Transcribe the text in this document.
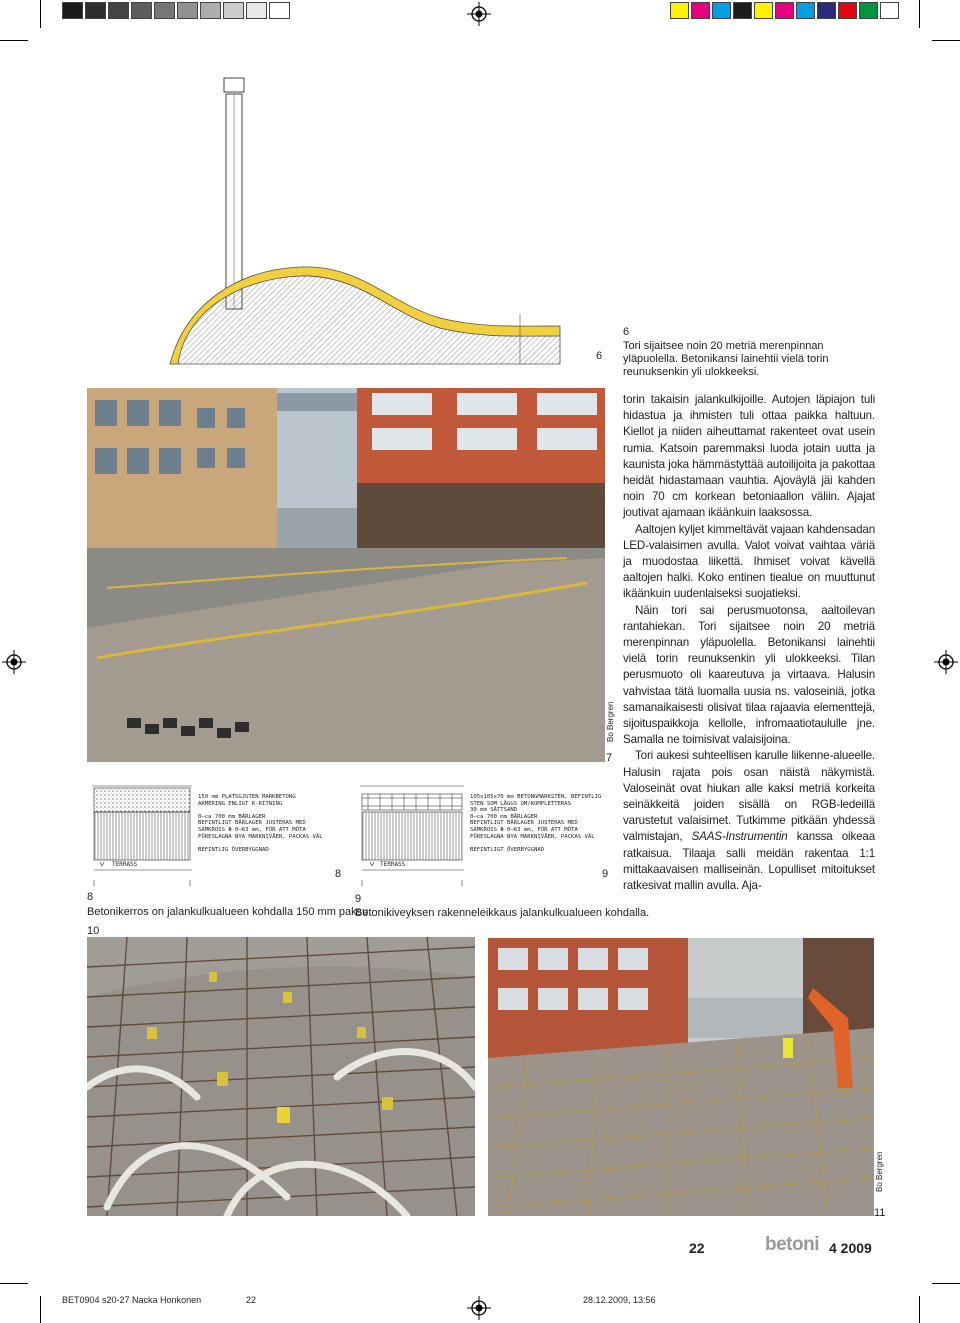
6
6
Tori sijaitsee noin 20 metriä merenpinnan yläpuolella. Betonikansi lainehtii vielä torin reunuksenkin yli ulokkeeksi.
Bo Bergren
7
TERRASS
150 mm PLATSGJUTEN MARKBETONG
ARMERING ENLIGT K-RITNING
0–ca 700 mm BÄRLAGER
BEFINTLIGT BÄRLAGER JUSTERAS MED
SAMKROSS Φ 0–63 mm, FÖR ATT MÖTA
FÖRESLAGNA NYA MARKNIVÅER, PACKAS VÄL
BEFINTLIG ÖVERBYGGNAD
8
8
Betonikerros on jalankulkualueen kohdalla 150 mm paksu.
TERRASS
105x105x70 mm BETONGMARKSTEN, BEFINTLIG
STEN SOM LÄGGS OM/KOMPLETTERAS
30 mm SÄTTSAND
0–ca 700 mm BÄRLAGER
BEFINTLIGT BÄRLAGER JUSTERAS MED
SAMKROSS Φ 0–63 mm, FÖR ATT MÖTA
FÖRESLAGNA NYA MARKNIVÅER, PACKAS VÄL
BEFINTLIGT ÖVERBYGGNAD
9
9
Betonikiveyksen rakenneleikkaus jalankulkualueen kohdalla.

torin takaisin jalankulkijoille. Autojen läpiajon tuli hidastua ja ihmisten tuli ottaa paikka haltuun. Kiellot ja niiden aiheuttamat rakenteet ovat usein rumia. Katsoin paremmaksi luoda jotain uutta ja kaunista joka hämmästyttää autoilijoita ja pakottaa heidät hidastamaan vauhtia. Ajoväylä jäi kahden noin 70 cm korkean betoniaallon väliin. Ajajat joutivat ajamaan ikäänkuin laaksossa.

Aaltojen kyljet kimmeltävät vajaan kahdensadan LED-valaisimen avulla. Valot voivat vaihtaa väriä ja muodostaa liikettä. Ihmiset voivat kävellä aaltojen halki. Koko entinen tiealue on muuttunut ikäänkuin uudenlaiseksi suojatieksi.

Näin tori sai perusmuotonsa, aaltoilevan rantahiekan. Tori sijaitsee noin 20 metriä merenpinnan yläpuolella. Betonikansi lainehtii vielä torin reunuksenkin yli ulokkeeksi. Tilan perusmuoto oli kaareutuva ja virtaava. Halusin vahvistaa tätä luomalla uusia ns. valoseiniä, jotka samanaikaisesti olisivat tilaa rajaavia elementtejä, sijoituspaikkoja kellolle, infromaatiotaululle jne. Samalla ne toimisivat valaisijoina.

Tori aukesi suhteellisen karulle liikenne-alueelle. Halusin rajata pois osan näistä näkymistä. Valoseinät ovat hiukan alle kaksi metriä korkeita seinäkkeitä joiden sisällä on RGB-ledeillä varustetut valaisimet. Tutkimme pitkään yhdessä valmistajan, SAAS-Instrumentin kanssa oikeaa ratkaisua. Tilaaja salli meidän rakentaa 1:1 mittakaavaisen malliseinän. Lopulliset mitoitukset ratkesivat mallin avulla. Aja-

10
Bo Bergren
11
22	betoni 4 2009
BET0904 s20-27 Nacka Honkonen	22	28.12.2009, 13:56
